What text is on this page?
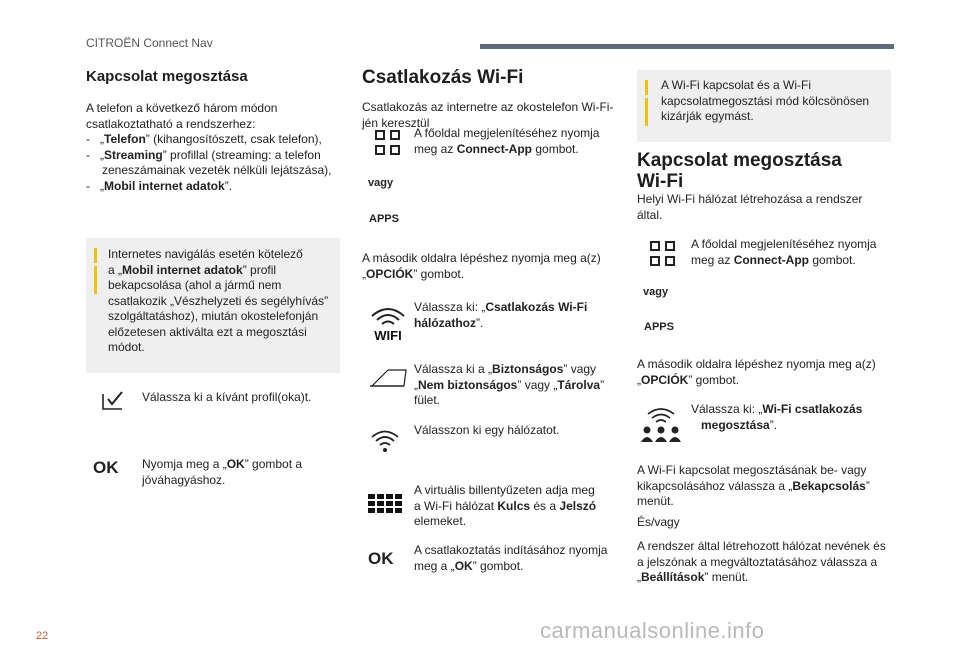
CITROËN Connect Nav
22	carmanualsonline.info
Kapcsolat megosztása
A telefon a következő három módon
csatlakoztatható a rendszerhez:
- „Telefon” (kihangosítószett, csak telefon),
- „Streaming” profillal (streaming: a telefon
zeneszámainak vezeték nélküli lejátszása),
- „Mobil internet adatok”.
Internetes navigálás esetén kötelező
a „Mobil internet adatok” profil
bekapcsolása (ahol a jármű nem
csatlakozik „Vészhelyzeti és segélyhívás”
szolgáltatáshoz), miután okostelefonján
előzetesen aktiválta ezt a megosztási
módot.
Válassza ki a kívánt profil(oka)t.
OK Nyomja meg a „OK” gombot a
jóváhagyáshoz.
Csatlakozás Wi-Fi
Csatlakozás az internetre az okostelefon Wi-Fi-
jén keresztül
A főoldal megjelenítéséhez nyomja
meg az Connect-App gombot.
vagy
APPS
A második oldalra lépéshez nyomja meg a(z)
„OPCIÓK” gombot.
WIFI
Válassza ki: „Csatlakozás Wi-Fi
hálózathoz”.
Válassza ki a „Biztonságos” vagy
„Nem biztonságos” vagy „Tárolva”
fület.
Válasszon ki egy hálózatot.
A virtuális billentyűzeten adja meg
a Wi-Fi hálózat Kulcs és a Jelszó
elemeket.
OK A csatlakoztatás indításához nyomja
meg a „OK” gombot.
A Wi-Fi kapcsolat és a Wi-Fi
kapcsolatmegosztási mód kölcsönösen
kizárják egymást.
Kapcsolat megosztása
Wi-Fi
Helyi Wi-Fi hálózat létrehozása a rendszer
által.
A főoldal megjelenítéséhez nyomja
meg az Connect-App gombot.
vagy
APPS
A második oldalra lépéshez nyomja meg a(z)
„OPCIÓK” gombot.
Válassza ki: „Wi-Fi csatlakozás
megosztása”.
A Wi-Fi kapcsolat megosztásának be- vagy
kikapcsolásához válassza a „Bekapcsolás”
menüt.
És/vagy
A rendszer által létrehozott hálózat nevének és
a jelszónak a megváltoztatásához válassza a
„Beállítások” menüt.
